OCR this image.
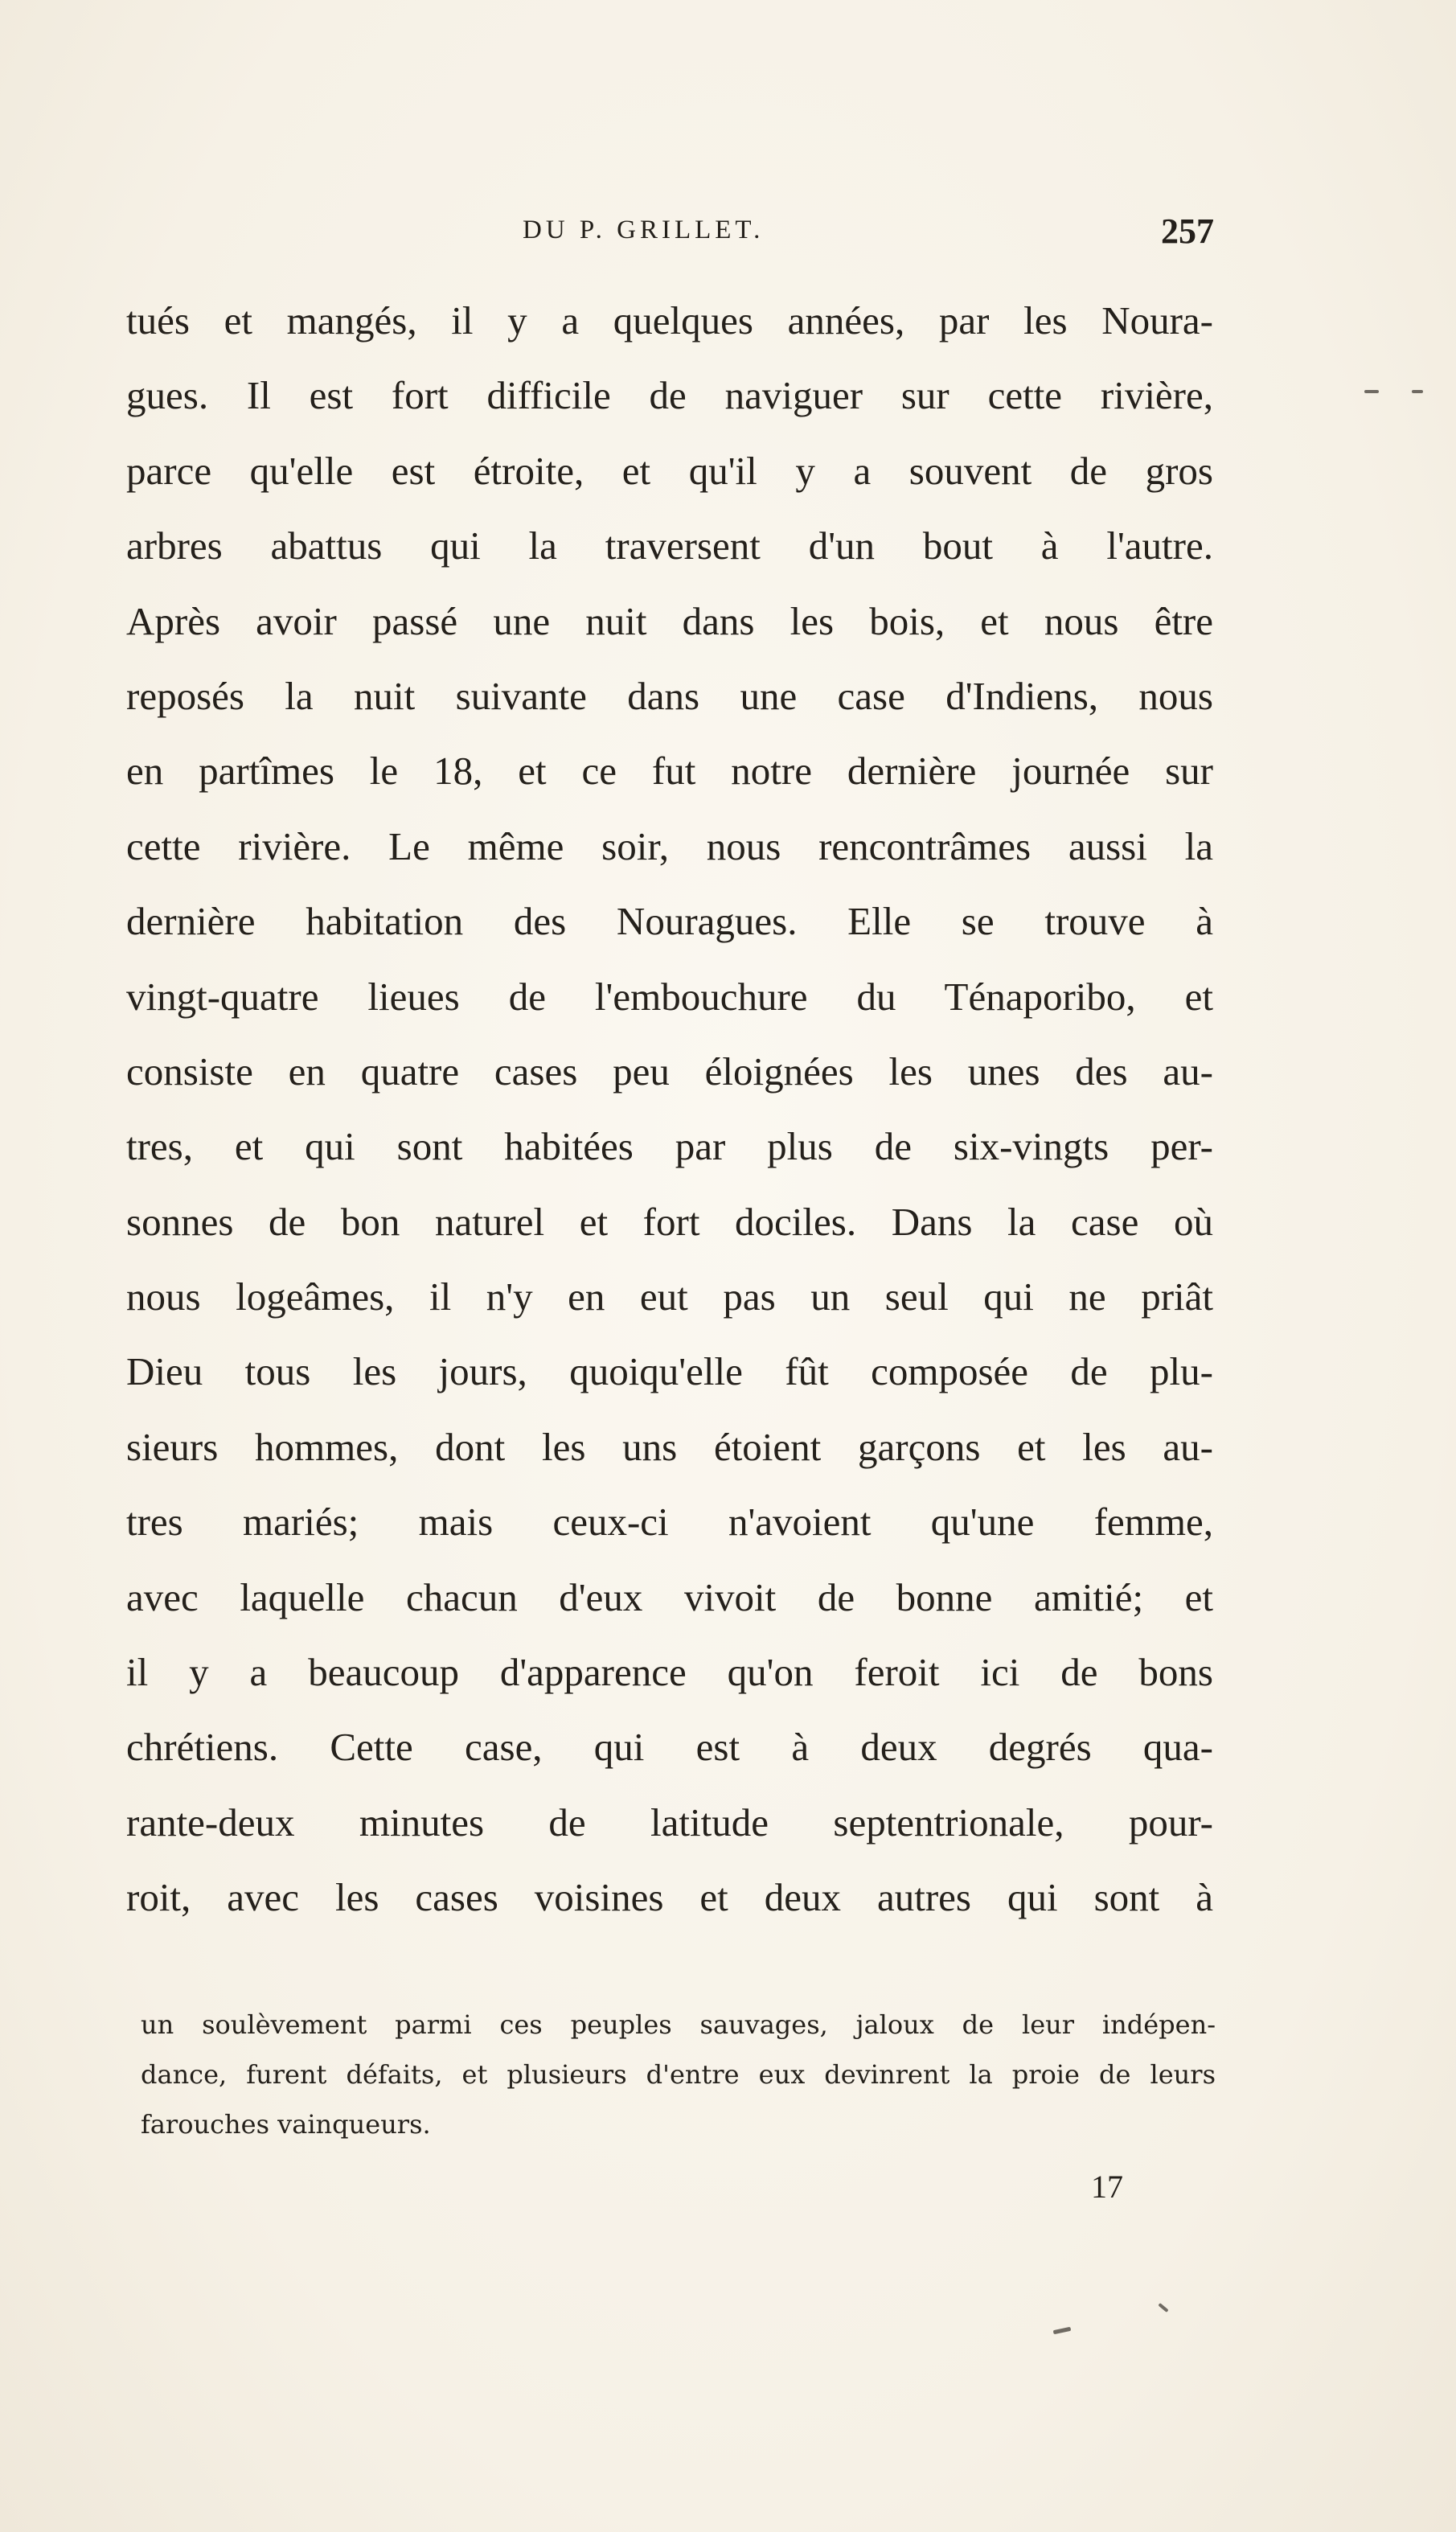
DU P. GRILLET.	257
tués et mangés, il y a quelques années, par les Noura-
gues. Il est fort difficile de naviguer sur cette rivière,
parce qu'elle est étroite, et qu'il y a souvent de gros
arbres abattus qui la traversent d'un bout à l'autre.
Après avoir passé une nuit dans les bois, et nous être
reposés la nuit suivante dans une case d'Indiens, nous
en partîmes le 18, et ce fut notre dernière journée sur
cette rivière. Le même soir, nous rencontrâmes aussi la
dernière habitation des Nouragues. Elle se trouve à
vingt-quatre lieues de l'embouchure du Ténaporibo, et
consiste en quatre cases peu éloignées les unes des au-
tres, et qui sont habitées par plus de six-vingts per-
sonnes de bon naturel et fort dociles. Dans la case où
nous logeâmes, il n'y en eut pas un seul qui ne priât
Dieu tous les jours, quoiqu'elle fût composée de plu-
sieurs hommes, dont les uns étoient garçons et les au-
tres mariés; mais ceux-ci n'avoient qu'une femme,
avec laquelle chacun d'eux vivoit de bonne amitié; et
il y a beaucoup d'apparence qu'on feroit ici de bons
chrétiens. Cette case, qui est à deux degrés qua-
rante-deux minutes de latitude septentrionale, pour-
roit, avec les cases voisines et deux autres qui sont à
un soulèvement parmi ces peuples sauvages, jaloux de leur indépen-
dance, furent défaits, et plusieurs d'entre eux devinrent la proie de leurs
farouches vainqueurs.
17
